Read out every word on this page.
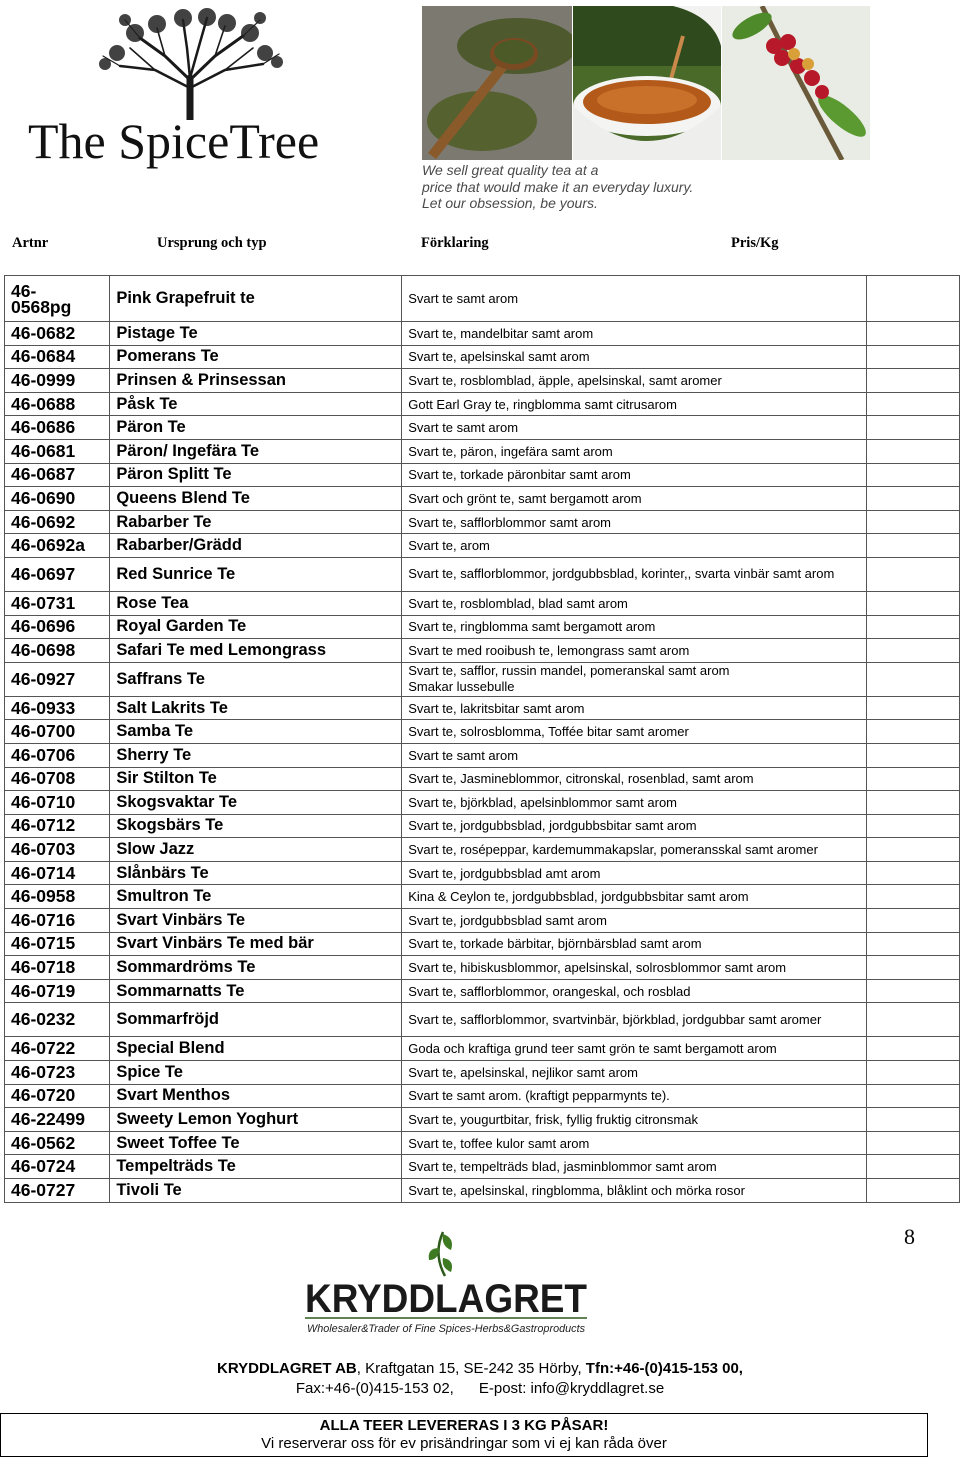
The SpiceTree
We sell great quality tea at a
price that would make it an everyday luxury.
Let our obsession, be yours.
Artnr	Ursprung och typ	Förklaring	Pris/Kg
46-
0568pg	Pink Grapefruit te	Svart te samt arom	
46-0682	Pistage Te	Svart te, mandelbitar samt arom	
46-0684	Pomerans Te	Svart te, apelsinskal samt arom	
46-0999	Prinsen & Prinsessan	Svart te, rosblomblad, äpple, apelsinskal, samt aromer	
46-0688	Påsk Te	Gott Earl Gray te, ringblomma samt citrusarom	
46-0686	Päron Te	Svart te samt arom	
46-0681	Päron/ Ingefära Te	Svart te, päron, ingefära samt arom	
46-0687	Päron Splitt Te	Svart te, torkade päronbitar samt arom	
46-0690	Queens Blend Te	Svart och grönt te, samt bergamott arom	
46-0692	Rabarber Te	Svart te, safflorblommor samt arom	
46-0692a	Rabarber/Grädd	Svart te, arom	
46-0697	Red Sunrice Te	Svart te, safflorblommor, jordgubbsblad, korinter,, svarta vinbär samt arom	
46-0731	Rose Tea	Svart te, rosblomblad, blad samt arom	
46-0696	Royal Garden Te	Svart te, ringblomma samt bergamott arom	
46-0698	Safari Te med Lemongrass	Svart te med rooibush te, lemongrass samt arom	
46-0927	Saffrans Te	Svart te, safflor, russin mandel, pomeranskal samt arom
Smakar lussebulle	
46-0933	Salt Lakrits Te	Svart te, lakritsbitar samt arom	
46-0700	Samba Te	Svart te, solrosblomma, Toffée bitar samt aromer	
46-0706	Sherry Te	Svart te samt arom	
46-0708	Sir Stilton Te	Svart te, Jasmineblommor, citronskal, rosenblad, samt arom	
46-0710	Skogsvaktar Te	Svart te, björkblad, apelsinblommor samt arom	
46-0712	Skogsbärs Te	Svart te, jordgubbsblad, jordgubbsbitar samt arom	
46-0703	Slow Jazz	Svart te, rosépeppar, kardemummakapslar, pomeransskal samt aromer	
46-0714	Slånbärs Te	Svart te, jordgubbsblad amt arom	
46-0958	Smultron Te	Kina & Ceylon te, jordgubbsblad, jordgubbsbitar samt arom	
46-0716	Svart Vinbärs Te	Svart te, jordgubbsblad samt arom	
46-0715	Svart Vinbärs Te med bär	Svart te, torkade bärbitar, björnbärsblad samt arom	
46-0718	Sommardröms Te	Svart te, hibiskusblommor, apelsinskal, solrosblommor samt arom	
46-0719	Sommarnatts Te	Svart te, safflorblommor, orangeskal, och rosblad	
46-0232	Sommarfröjd	Svart te, safflorblommor, svartvinbär, björkblad, jordgubbar samt aromer	
46-0722	Special Blend	Goda och kraftiga grund teer samt grön te samt bergamott arom	
46-0723	Spice Te	Svart te, apelsinskal, nejlikor samt arom	
46-0720	Svart Menthos	Svart te samt arom. (kraftigt pepparmynts te).	
46-22499	Sweety Lemon Yoghurt	Svart te, yougurtbitar, frisk, fyllig fruktig citronsmak	
46-0562	Sweet Toffee Te	Svart te, toffee kulor samt arom	
46-0724	Tempelträds Te	Svart te, tempelträds blad, jasminblommor samt arom	
46-0727	Tivoli Te	Svart te, apelsinskal, ringblomma, blåklint och mörka rosor	
8
KRYDDLAGRET
Wholesaler&Trader of Fine Spices-Herbs&Gastroproducts
KRYDDLAGRET AB, Kraftgatan 15, SE-242 35 Hörby, Tfn:+46-(0)415-153 00,
Fax:+46-(0)415-153 02,      E-post: info@kryddlagret.se
ALLA TEER LEVERERAS I 3 KG PÅSAR!
Vi reserverar oss för ev prisändringar som vi ej kan råda över
